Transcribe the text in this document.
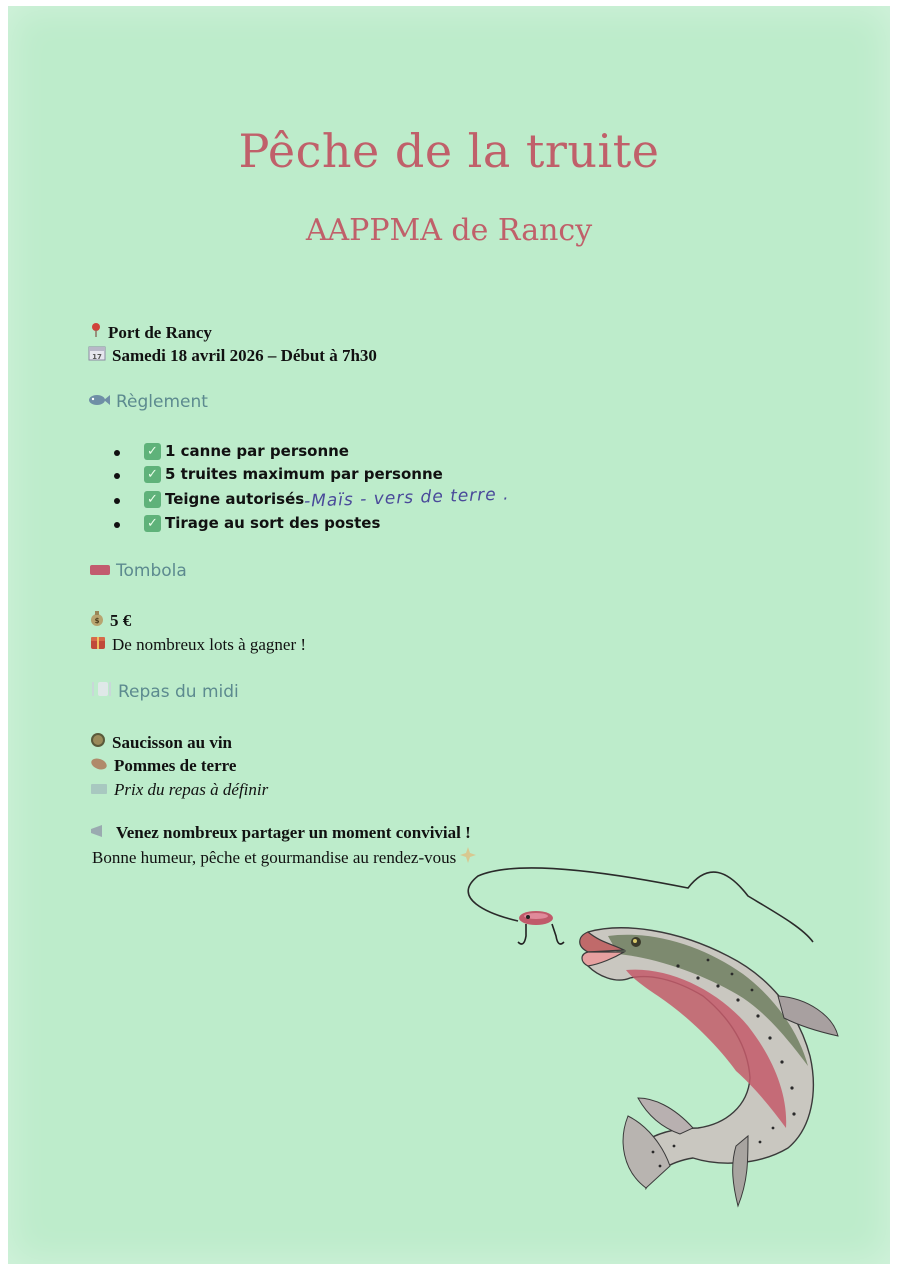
Pêche de la truite
AAPPMA de Rancy
Port de Rancy
17 Samedi 18 avril 2026 – Début à 7h30
Règlement
✓ 1 canne par personne
✓ 5 truites maximum par personne
✓ Teigne autorisés -Maïs - vers de terre .
✓ Tirage au sort des postes
Tombola
$ 5 €
De nombreux lots à gagner !
Repas du midi
Saucisson au vin
Pommes de terre
Prix du repas à définir
Venez nombreux partager un moment convivial !
Bonne humeur, pêche et gourmandise au rendez-vous
